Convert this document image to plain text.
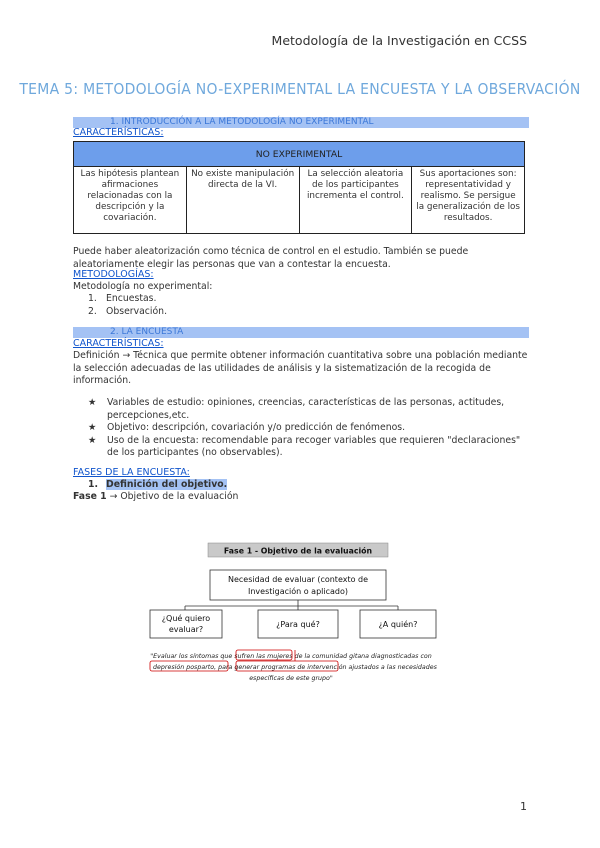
Metodología de la Investigación en CCSS
TEMA 5: METODOLOGÍA NO-EXPERIMENTAL LA ENCUESTA Y LA OBSERVACIÓN
1. INTRODUCCIÓN A LA METODOLOGÍA NO EXPERIMENTAL
CARACTERÍSTICAS:
NO EXPERIMENTAL
Las hipótesis plantean afirmaciones relacionadas con la descripción y la covariación.	No existe manipulación directa de la VI.	La selección aleatoria de los participantes incrementa el control.	Sus aportaciones son: representatividad y realismo. Se persigue la generalización de los resultados.
Puede haber aleatorización como técnica de control en el estudio. También se puede aleatoriamente elegir las personas que van a contestar la encuesta.
METODOLOGÍAS:
Metodología no experimental:
1. Encuestas.
2. Observación.
2. LA ENCUESTA
CARACTERÍSTICAS:
Definición → Técnica que permite obtener información cuantitativa sobre una población mediante la selección adecuadas de las utilidades de análisis y la sistematización de la recogida de información.
★ Variables de estudio: opiniones, creencias, características de las personas, actitudes, percepciones,etc.
★ Objetivo: descripción, covariación y/o predicción de fenómenos.
★ Uso de la encuesta: recomendable para recoger variables que requieren "declaraciones" de los participantes (no observables).
FASES DE LA ENCUESTA:
1. Definición del objetivo.
Fase 1 → Objetivo de la evaluación
Fase 1 - Objetivo de la evaluación
Necesidad de evaluar (contexto de
Investigación o aplicado)
¿Qué quiero
evaluar?
¿Para qué?	¿A quién?
"Evaluar los síntomas que sufren las mujeres de la comunidad gitana diagnosticadas con
depresión posparto, para generar programas de intervención ajustados a las necesidades
específicas de este grupo"
1
